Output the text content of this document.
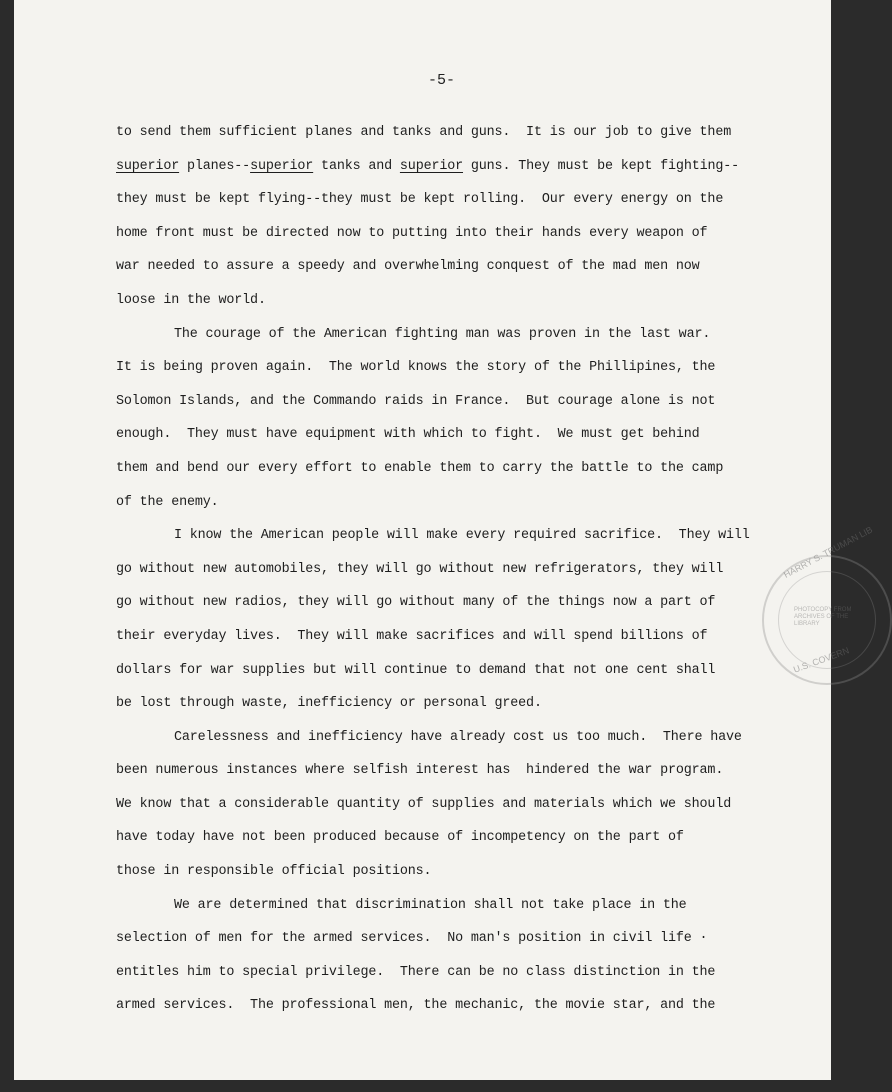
-5-
to send them sufficient planes and tanks and guns.  It is our job to give them
superior planes--superior tanks and superior guns. They must be kept fighting--
they must be kept flying--they must be kept rolling.  Our every energy on the
home front must be directed now to putting into their hands every weapon of
war needed to assure a speedy and overwhelming conquest of the mad men now
loose in the world.
The courage of the American fighting man was proven in the last war.
It is being proven again.  The world knows the story of the Phillipines, the
Solomon Islands, and the Commando raids in France.  But courage alone is not
enough.  They must have equipment with which to fight.  We must get behind
them and bend our every effort to enable them to carry the battle to the camp
of the enemy.
I know the American people will make every required sacrifice.  They will
go without new automobiles, they will go without new refrigerators, they will
go without new radios, they will go without many of the things now a part of
their everyday lives.  They will make sacrifices and will spend billions of
dollars for war supplies but will continue to demand that not one cent shall
be lost through waste, inefficiency or personal greed.
Carelessness and inefficiency have already cost us too much.  There have
been numerous instances where selfish interest has  hindered the war program.
We know that a considerable quantity of supplies and materials which we should
have today have not been produced because of incompetency on the part of
those in responsible official positions.
We are determined that discrimination shall not take place in the
selection of men for the armed services.  No man's position in civil life ·
entitles him to special privilege.  There can be no class distinction in the
armed services.  The professional men, the mechanic, the movie star, and the
HARRY S. TRUMAN LIB
PHOTOCOPY FROM ARCHIVES OF THE LIBRARY
U.S. COVERN
